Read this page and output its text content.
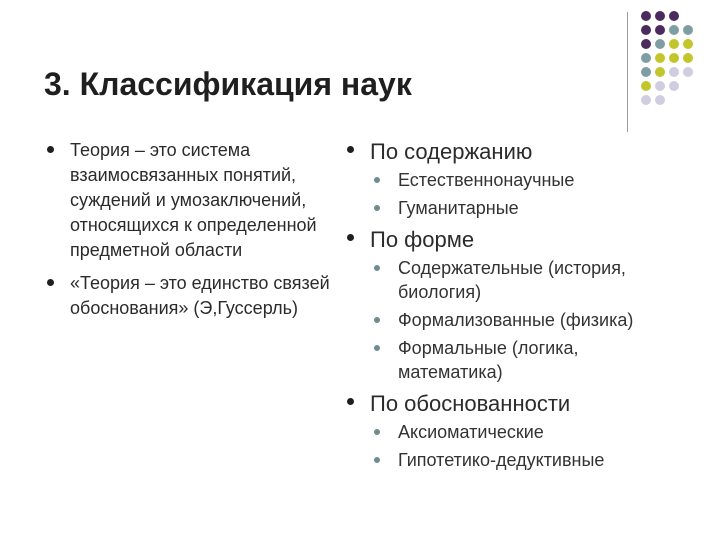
3. Классификация наук
Теория – это система взаимосвязанных понятий, суждений и умозаключений, относящихся к определенной предметной области
«Теория – это единство связей обоснования» (Э,Гуссерль)
По содержанию
Естественнонаучные
Гуманитарные
По форме
Содержательные (история, биология)
Формализованные (физика)
Формальные (логика, математика)
По обоснованности
Аксиоматические
Гипотетико-дедуктивные
